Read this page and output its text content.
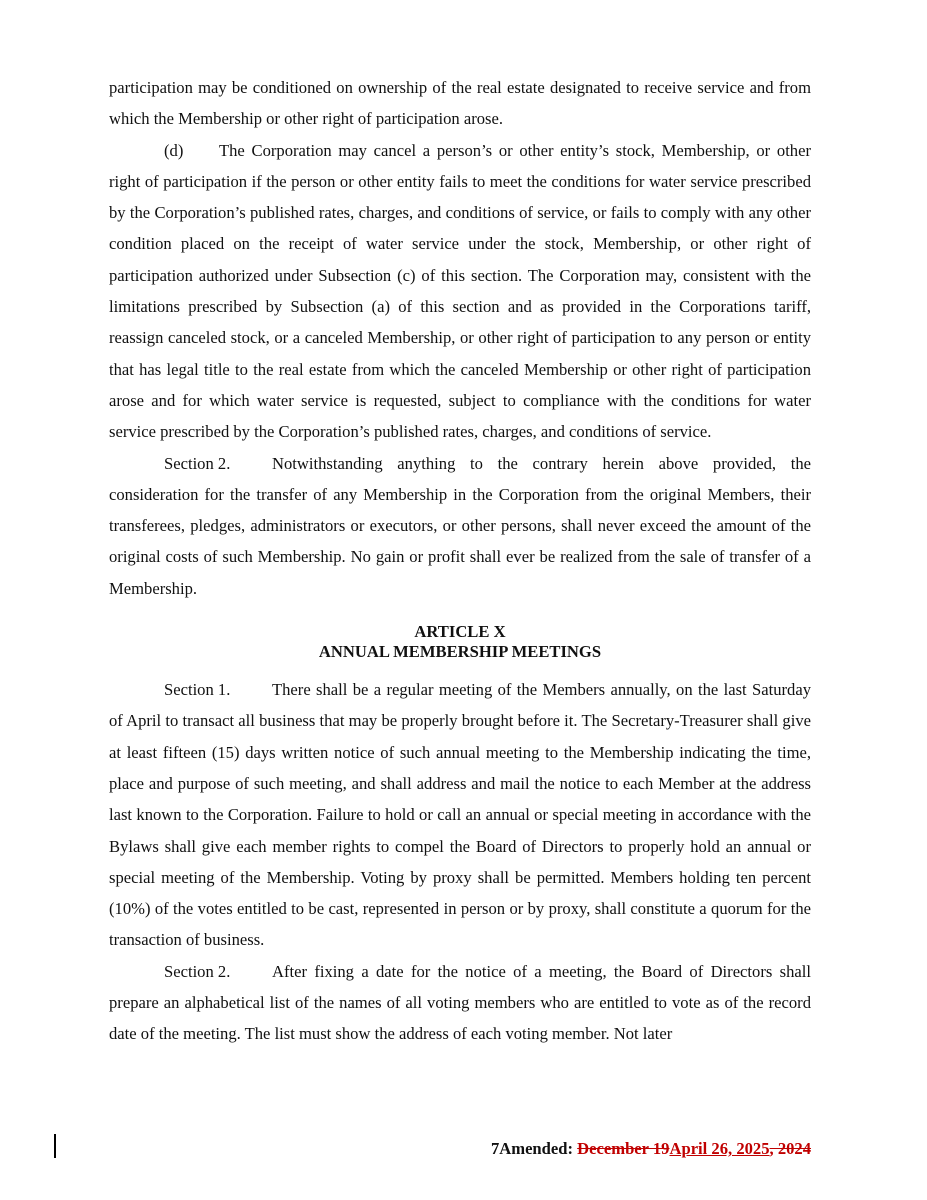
participation may be conditioned on ownership of the real estate designated to receive service and from which the Membership or other right of participation arose.

(d) The Corporation may cancel a person’s or other entity’s stock, Membership, or other right of participation if the person or other entity fails to meet the conditions for water service prescribed by the Corporation’s published rates, charges, and conditions of service, or fails to comply with any other condition placed on the receipt of water service under the stock, Membership, or other right of participation authorized under Subsection (c) of this section. The Corporation may, consistent with the limitations prescribed by Subsection (a) of this section and as provided in the Corporations tariff, reassign canceled stock, or a canceled Membership, or other right of participation to any person or entity that has legal title to the real estate from which the canceled Membership or other right of participation arose and for which water service is requested, subject to compliance with the conditions for water service prescribed by the Corporation’s published rates, charges, and conditions of service.

Section 2.	Notwithstanding anything to the contrary herein above provided, the consideration for the transfer of any Membership in the Corporation from the original Members, their transferees, pledges, administrators or executors, or other persons, shall never exceed the amount of the original costs of such Membership. No gain or profit shall ever be realized from the sale of transfer of a Membership.

ARTICLE X
ANNUAL MEMBERSHIP MEETINGS

Section 1.	There shall be a regular meeting of the Members annually, on the last Saturday of April to transact all business that may be properly brought before it. The Secretary-Treasurer shall give at least fifteen (15) days written notice of such annual meeting to the Membership indicating the time, place and purpose of such meeting, and shall address and mail the notice to each Member at the address last known to the Corporation. Failure to hold or call an annual or special meeting in accordance with the Bylaws shall give each member rights to compel the Board of Directors to properly hold an annual or special meeting of the Membership. Voting by proxy shall be permitted. Members holding ten percent (10%) of the votes entitled to be cast, represented in person or by proxy, shall constitute a quorum for the transaction of business.

Section 2.	After fixing a date for the notice of a meeting, the Board of Directors shall prepare an alphabetical list of the names of all voting members who are entitled to vote as of the record date of the meeting. The list must show the address of each voting member. Not later

7Amended: December 19April 26, 2025, 2024
